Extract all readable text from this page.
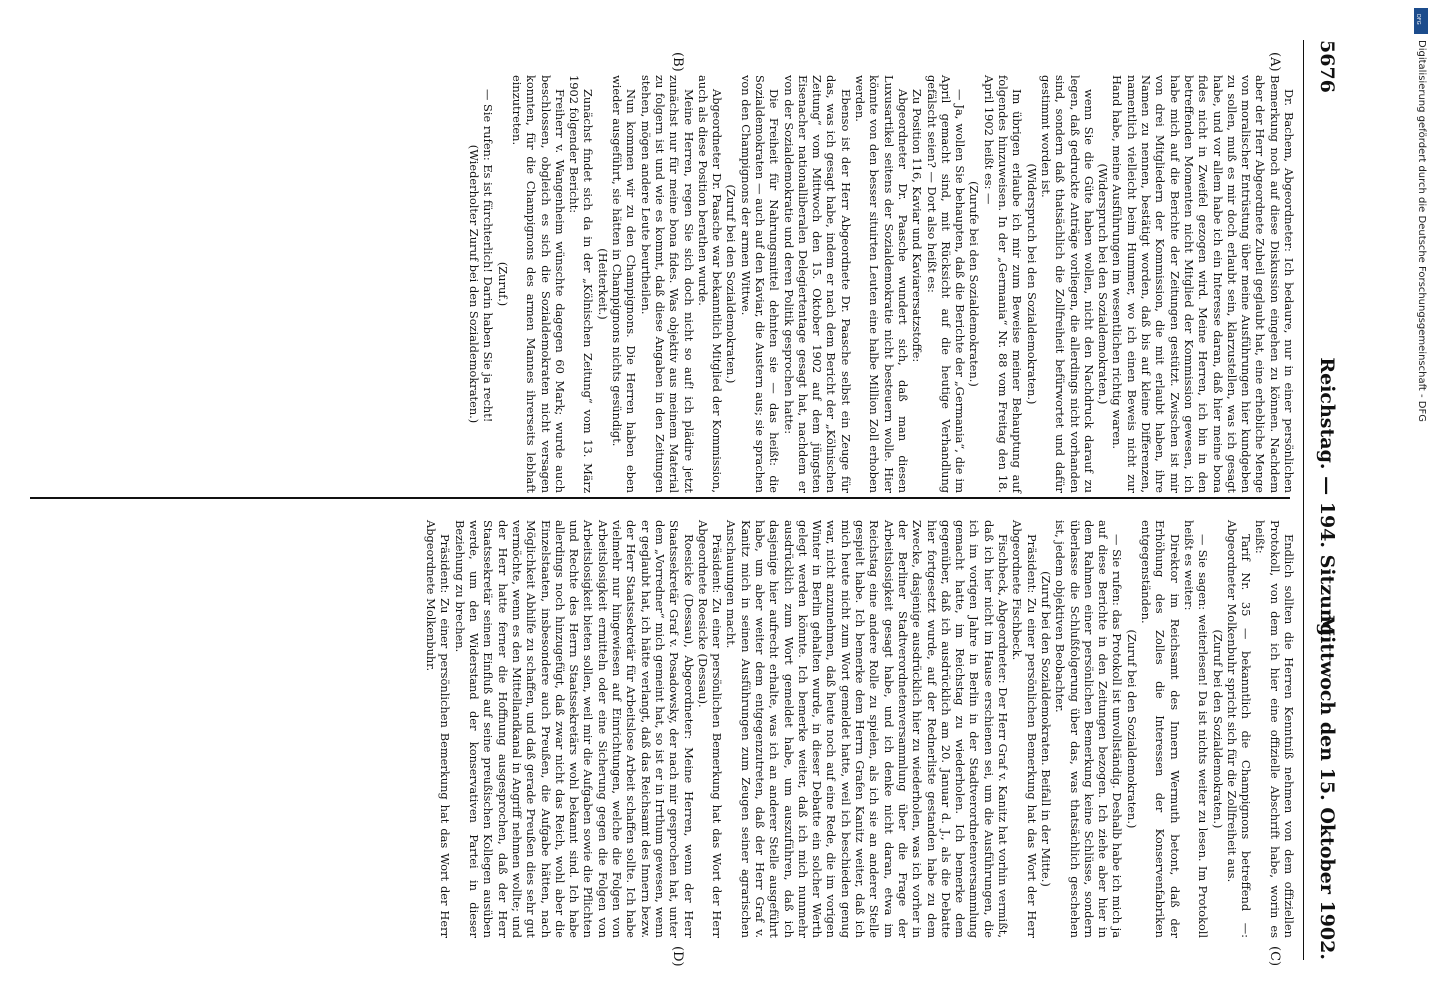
5676
Reichstag. — 194. Sitzung.
Mittwoch den 15. Oktober 1902.
(A)
(B)
(C)
(D)

Dr. Bachem, Abgeordneter: Ich bedaure, nur in einer persönlichen Bemerkung noch auf diese Diskussion eingehen zu können. Nachdem aber der Herr Abgeordnete Zubeil geglaubt hat, eine erhebliche Menge von moralischer Entrüstung über meine Ausführungen hier kundgeben zu sollen, muß es mir doch erlaubt sein, klarzustellen, was ich gesagt habe, und vor allem habe ich ein Interesse daran, daß hier meine bona fides nicht in Zweifel gezogen wird. Meine Herren, ich bin in den betreffenden Momenten nicht Mitglied der Kommission gewesen, ich habe mich auf die Berichte der Zeitungen gestützt. Zwischen ist mir von drei Mitgliedern der Kommission, die mit erlaubt haben, ihre Namen zu nennen, bestätigt worden, daß bis auf kleine Differenzen, namentlich vielleicht beim Hummer, wo ich einen Beweis nicht zur Hand habe, meine Ausführungen im wesentlichen richtig waren.

(Widerspruch bei den Sozialdemokraten.)

wenn Sie die Güte haben wollen, nicht den Nachdruck darauf zu legen, daß gedruckte Anträge vorliegen, die allerdings nicht vorhanden sind, sondern daß thatsächlich die Zollfreiheit befürwortet und dafür gestimmt worden ist.

(Widerspruch bei den Sozialdemokraten.)

Im übrigen erlaube ich mir zum Beweise meiner Behauptung auf folgendes hinzuweisen. In der „Germania“ Nr. 88 vom Freitag den 18. April 1902 heißt es: —

(Zurufe bei den Sozialdemokraten.)

— Ja, wollen Sie behaupten, daß die Berichte der „Germania“, die im April gemacht sind, mit Rücksicht auf die heutige Verhandlung gefälscht seien? — Dort also heißt es:

Zu Position 116, Kaviar und Kaviarersatzstoffe:

Abgeordneter Dr. Paasche wundert sich, daß man diesen Luxusartikel seitens der Sozialdemokratie nicht besteuern wolle. Hier könnte von den besser situirten Leuten eine halbe Million Zoll erhoben werden.

Ebenso ist der Herr Abgeordnete Dr. Paasche selbst ein Zeuge für das, was ich gesagt habe, indem er nach dem Bericht der „Kölnischen Zeitung“ vom Mittwoch den 15. Oktober 1902 auf dem jüngsten Eisenacher nationalliberalen Delegiertentage gesagt hat, nachdem er von der Sozialdemokratie und deren Politik gesprochen hatte:

Die Freiheit für Nahrungsmittel dehnten sie — das heißt: die Sozialdemokraten — auch auf den Kaviar, die Austern aus; sie sprachen von den Champignons der armen Wittwe.

(Zuruf bei den Sozialdemokraten.)

Abgeordneter Dr. Paasche war bekanntlich Mitglied der Kommission, auch als diese Position berathen wurde.

Meine Herren, regen Sie sich doch nicht so auf! ich plädire jetzt zunächst nur für meine bona fides. Was objektiv aus meinem Material zu folgern ist und wie es kommt, daß diese Angaben in den Zeitungen stehen, mögen andere Leute beurtheilen.

Nun kommen wir zu den Champignons. Die Herren haben eben wieder ausgeführt, sie hätten in Champignons nichts gesündigt.

(Heiterkeit.)

Zunächst findet sich da in der „Kölnischen Zeitung“ vom 13. März 1902 folgender Bericht:

Freiherr v. Wangenheim wünschte dagegen 60 Mark; wurde auch beschlossen, obgleich es sich die Sozialdemokraten nicht versagen konnten, für die Champignons des armen Mannes ihrerseits lebhaft einzutreten.

(Zuruf.)

— Sie rufen: Es ist fürchterlich! Darin haben Sie ja recht!

(Wiederholter Zuruf bei den Sozialdemokraten.)

Endlich sollten die Herren Kenntniß nehmen von dem offiziellen Protokoll, von dem ich hier eine offizielle Abschrift habe, worin es heißt:

Tarif Nr. 35 — bekanntlich die Champignons betreffend —: Abgeordneter Molkenbuhr spricht sich für die Zollfreiheit aus.

(Zuruf bei den Sozialdemokraten.)

— Sie sagen: weiterlesen! Da ist nichts weiter zu lesen. Im Protokoll heißt es weiter:

Direktor im Reichsamt des Innern Wermuth betont, daß der Erhöhung des Zolles die Interessen der Konservenfabriken entgegenständen.

(Zuruf bei den Sozialdemokraten.)

— Sie rufen: das Protokoll ist unvollständig. Deshalb habe ich mich ja auf diese Berichte in den Zeitungen bezogen. Ich ziehe aber hier in dem Rahmen einer persönlichen Bemerkung keine Schlüsse, sondern überlasse die Schlußfolgerung über das, was thatsächlich geschehen ist, jedem objektiven Beobachter.

(Zuruf bei den Sozialdemokraten. Beifall in der Mitte.)

Präsident: Zu einer persönlichen Bemerkung hat das Wort der Herr Abgeordnete Fischbeck.

Fischbeck, Abgeordneter: Der Herr Graf v. Kanitz hat vorhin vermißt, daß ich hier nicht im Hause erschienen sei, um die Ausführungen, die ich im vorigen Jahre in Berlin in der Stadtverordnetenversammlung gemacht hatte, im Reichstag zu wiederholen. Ich bemerke dem gegenüber, daß ich ausdrücklich am 20. Januar d. J., als die Debatte hier fortgesetzt wurde, auf der Rednerliste gestanden habe zu dem Zwecke, dasjenige ausdrücklich hier zu wiederholen, was ich vorher in der Berliner Stadtverordnetenversammlung über die Frage der Arbeitslosigkeit gesagt habe, und ich denke nicht daran, etwa im Reichstag eine andere Rolle zu spielen, als ich sie an anderer Stelle gespielt habe. Ich bemerke dem Herrn Grafen Kanitz weiter, daß ich mich heute nicht zum Wort gemeldet hatte, weil ich beschieden genug war, nicht anzunehmen, daß heute noch auf eine Rede, die im vorigen Winter in Berlin gehalten wurde, in dieser Debatte ein solcher Werth gelegt werden könnte. Ich bemerke weiter, daß ich mich nunmehr ausdrücklich zum Wort gemeldet habe, um auszuführen, daß ich dasjenige hier aufrecht erhalte, was ich an anderer Stelle ausgeführt habe, um aber weiter dem entgegenzutreten, daß der Herr Graf v. Kanitz mich in seinen Ausführungen zum Zeugen seiner agrarischen Anschauungen macht.

Präsident: Zu einer persönlichen Bemerkung hat das Wort der Herr Abgeordnete Roesicke (Dessau).

Roesicke (Dessau), Abgeordneter: Meine Herren, wenn der Herr Staatssekretär Graf v. Posadowsky, der nach mir gesprochen hat, unter dem „Vorredner“ mich gemeint hat, so ist er in Irrthum gewesen, wenn er geglaubt hat, ich hätte verlangt, daß das Reichsamt des Innern bezw. der Herr Staatssekretär für Arbeitslose Arbeit schaffen sollte. Ich habe vielmehr nur hingewiesen auf Einrichtungen, welche die Folgen von Arbeitslosigkeit ermitteln oder eine Sicherung gegen die Folgen von Arbeitslosigkeit bieten sollen, weil mir die Aufgaben sowie die Pflichten und Rechte des Herrn Staatssekretärs wohl bekannt sind. Ich habe allerdings noch hinzugefügt, daß zwar nicht das Reich, wohl aber die Einzelstaaten, insbesondere auch Preußen, die Aufgabe hätten, nach Möglichkeit Abhilfe zu schaffen, und daß gerade Preußen dies sehr gut vermöchte, wenn es den Mittellandkanal in Angriff nehmen wollte; und der Herr hatte ferner die Hoffnung ausgesprochen, daß der Herr Staatssekretär seinen Einfluß auf seine preußischen Kollegen ausüben werde, um den Widerstand der konservativen Partei in dieser Beziehung zu brechen.

Präsident: Zu einer persönlichen Bemerkung hat das Wort der Herr Abgeordnete Molkenbuhr.

DFG
Digitalisierung gefördert durch die Deutsche Forschungsgemeinschaft - DFG
